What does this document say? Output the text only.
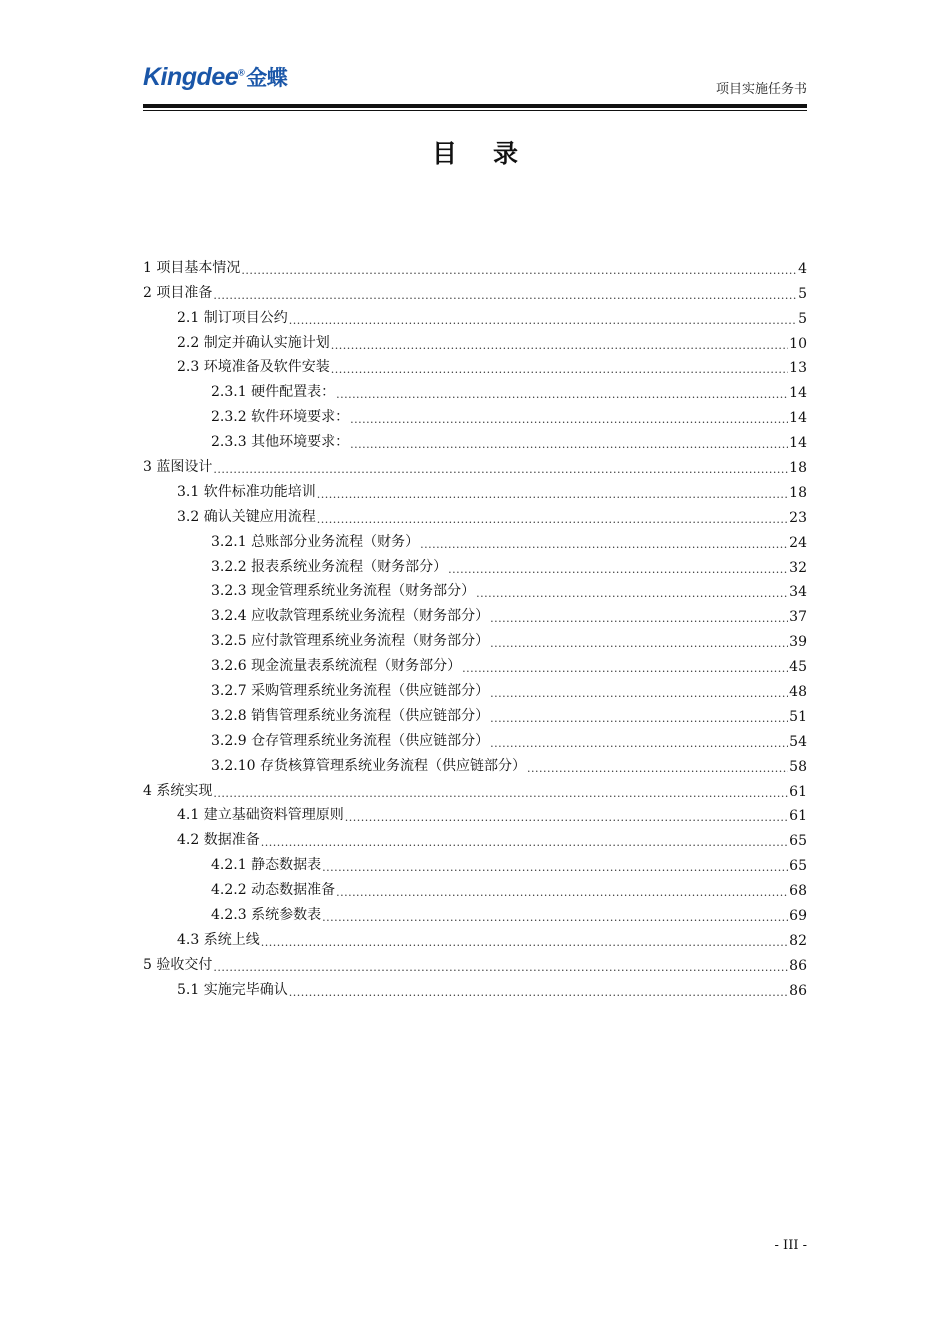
Kingdee®金蝶	项目实施任务书
目录
1 项目基本情况 .....	4
2 项目准备 .....	5
2.1 制订项目公约 .....	5
2.2 制定并确认实施计划 .....	10
2.3 环境准备及软件安装 .....	13
2.3.1 硬件配置表： .....	14
2.3.2 软件环境要求： .....	14
2.3.3 其他环境要求： .....	14
3 蓝图设计 .....	18
3.1 软件标准功能培训 .....	18
3.2 确认关键应用流程 .....	23
3.2.1 总账部分业务流程（财务） .....	24
3.2.2 报表系统业务流程（财务部分） .....	32
3.2.3 现金管理系统业务流程（财务部分） .....	34
3.2.4 应收款管理系统业务流程（财务部分） .....	37
3.2.5 应付款管理系统业务流程（财务部分） .....	39
3.2.6 现金流量表系统流程（财务部分） .....	45
3.2.7 采购管理系统业务流程（供应链部分） .....	48
3.2.8 销售管理系统业务流程（供应链部分） .....	51
3.2.9 仓存管理系统业务流程（供应链部分） .....	54
3.2.10 存货核算管理系统业务流程（供应链部分） .....	58
4 系统实现 .....	61
4.1 建立基础资料管理原则 .....	61
4.2 数据准备 .....	65
4.2.1 静态数据表 .....	65
4.2.2 动态数据准备 .....	68
4.2.3 系统参数表 .....	69
4.3 系统上线 .....	82
5 验收交付 .....	86
5.1 实施完毕确认 .....	86
- III -
